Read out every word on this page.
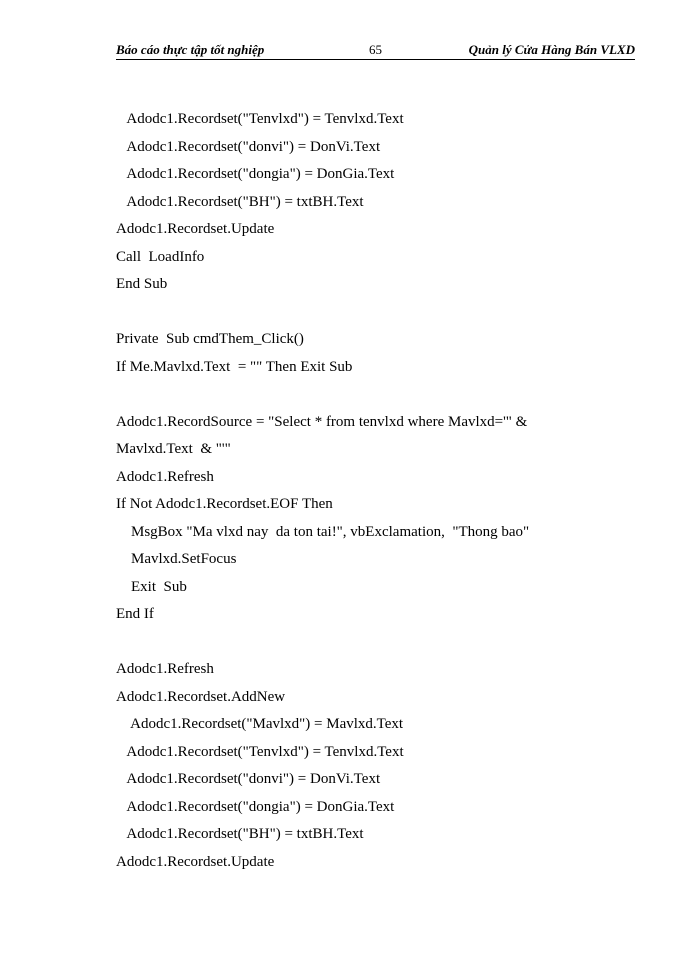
Báo cáo thực tập tốt nghiệp	65	Quản lý Cửa Hàng Bán VLXD
Adodc1.Recordset("Tenvlxd") = Tenvlxd.Text
Adodc1.Recordset("donvi") = DonVi.Text
Adodc1.Recordset("dongia") = DonGia.Text
Adodc1.Recordset("BH") = txtBH.Text
Adodc1.Recordset.Update
Call  LoadInfo
End Sub
Private  Sub cmdThem_Click()
If Me.Mavlxd.Text  = "" Then Exit Sub
Adodc1.RecordSource = "Select * from tenvlxd where Mavlxd='" &
Mavlxd.Text  & "'"
Adodc1.Refresh
If Not Adodc1.Recordset.EOF Then
MsgBox "Ma vlxd nay  da ton tai!", vbExclamation,  "Thong bao"
Mavlxd.SetFocus
Exit  Sub
End If
Adodc1.Refresh
Adodc1.Recordset.AddNew
Adodc1.Recordset("Mavlxd") = Mavlxd.Text
Adodc1.Recordset("Tenvlxd") = Tenvlxd.Text
Adodc1.Recordset("donvi") = DonVi.Text
Adodc1.Recordset("dongia") = DonGia.Text
Adodc1.Recordset("BH") = txtBH.Text
Adodc1.Recordset.Update
